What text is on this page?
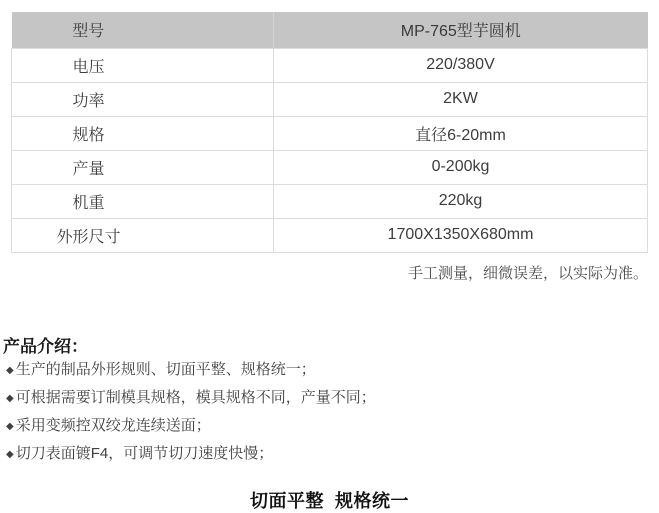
型号	MP-765型芋圆机
电压	220/380V
功率	2KW
规格	直径6-20mm
产量	0-200kg
机重	220kg
外形尺寸	1700X1350X680mm
手工测量，细微误差，以实际为准。
产品介绍：
◆ 生产的制品外形规则、切面平整、规格统一；
◆ 可根据需要订制模具规格，模具规格不同，产量不同；
◆ 采用变频控双绞龙连续送面；
◆ 切刀表面镀F4，可调节切刀速度快慢；
切面平整  规格统一
